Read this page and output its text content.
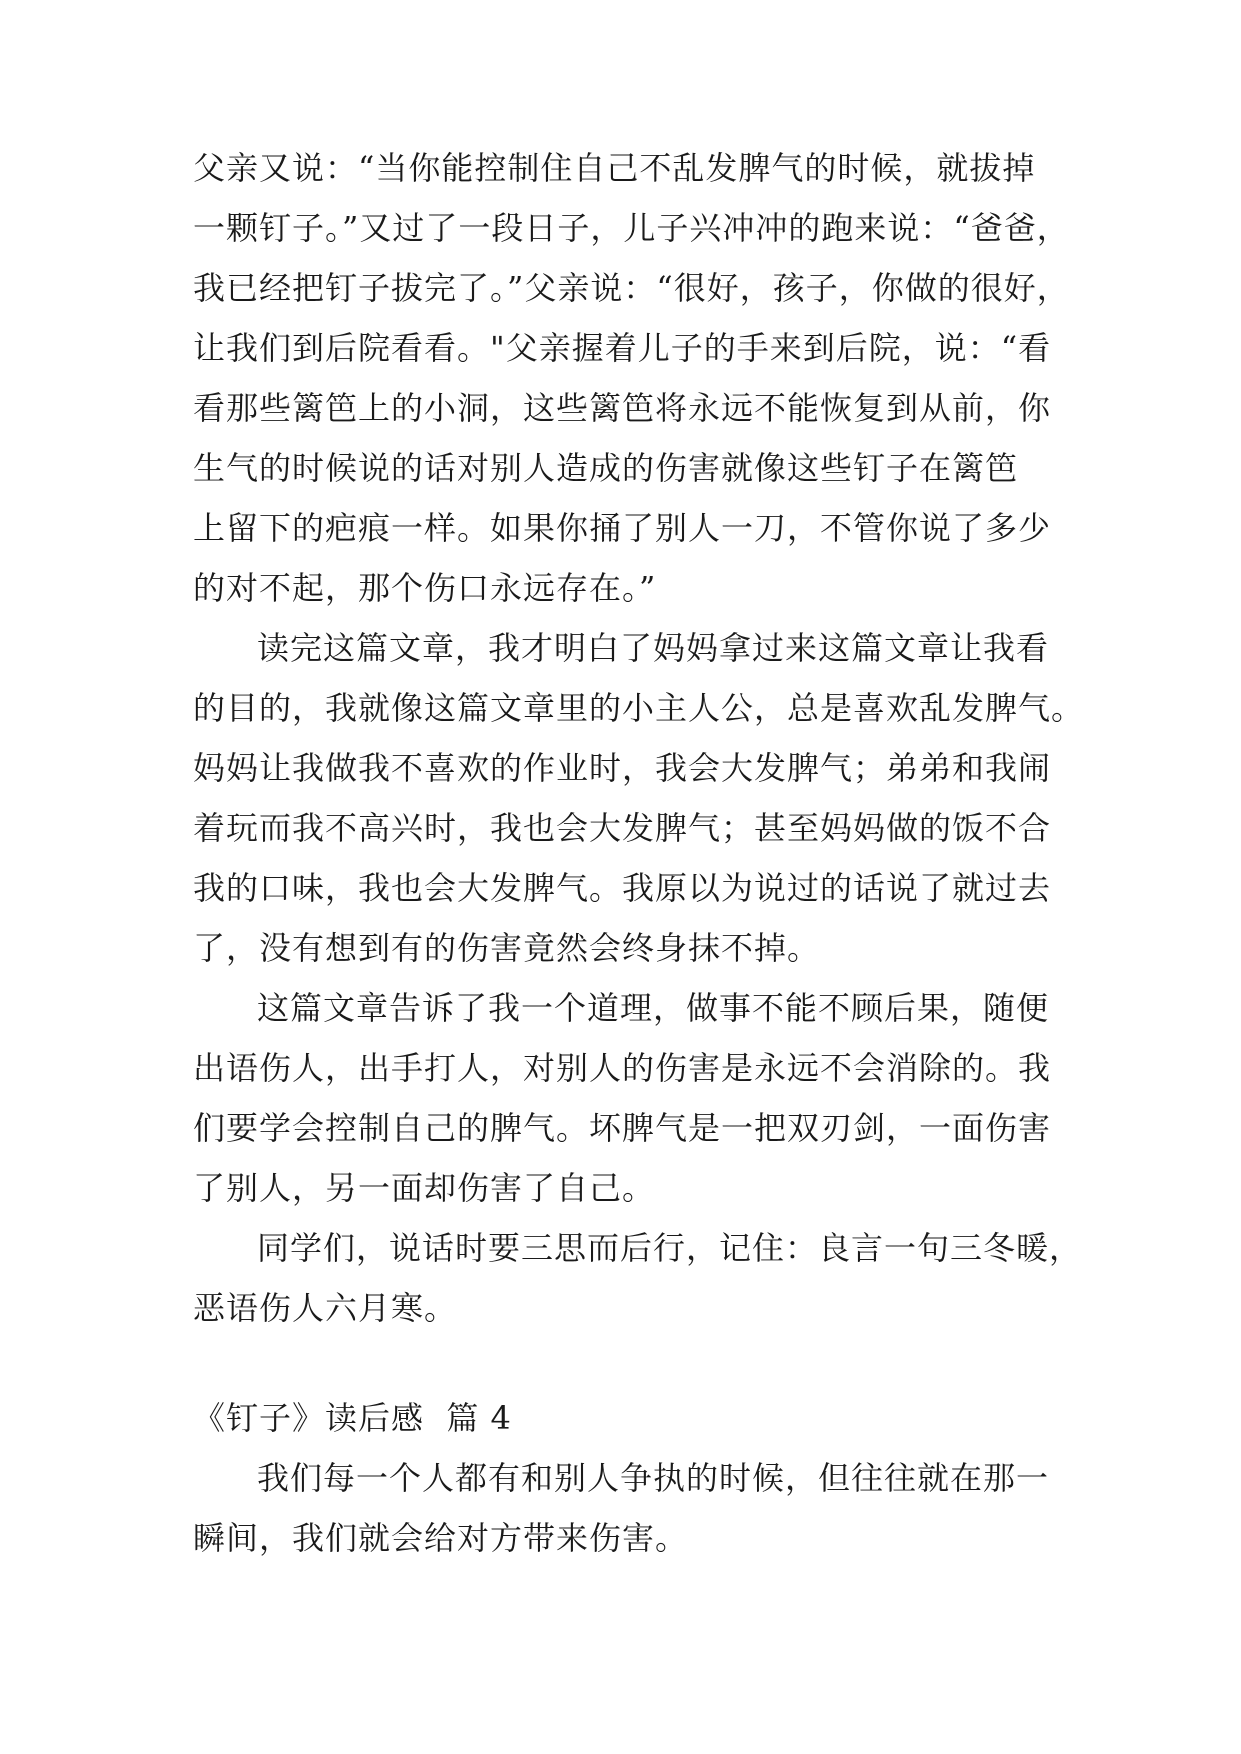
父亲又说：“当你能控制住自己不乱发脾气的时候，就拔掉
一颗钉子。”又过了一段日子，儿子兴冲冲的跑来说：“爸爸，
我已经把钉子拔完了。”父亲说：“很好，孩子，你做的很好，
让我们到后院看看。"父亲握着儿子的手来到后院，说：“看
看那些篱笆上的小洞，这些篱笆将永远不能恢复到从前，你
生气的时候说的话对别人造成的伤害就像这些钉子在篱笆
上留下的疤痕一样。如果你捅了别人一刀，不管你说了多少
的对不起，那个伤口永远存在。”
读完这篇文章，我才明白了妈妈拿过来这篇文章让我看
的目的，我就像这篇文章里的小主人公，总是喜欢乱发脾气。
妈妈让我做我不喜欢的作业时，我会大发脾气；弟弟和我闹
着玩而我不高兴时，我也会大发脾气；甚至妈妈做的饭不合
我的口味，我也会大发脾气。我原以为说过的话说了就过去
了，没有想到有的伤害竟然会终身抹不掉。
这篇文章告诉了我一个道理，做事不能不顾后果，随便
出语伤人，出手打人，对别人的伤害是永远不会消除的。我
们要学会控制自己的脾气。坏脾气是一把双刃剑，一面伤害
了别人，另一面却伤害了自己。
同学们，说话时要三思而后行，记住：良言一句三冬暖，
恶语伤人六月寒。
《钉子》读后感  篇 4
我们每一个人都有和别人争执的时候，但往往就在那一
瞬间，我们就会给对方带来伤害。
